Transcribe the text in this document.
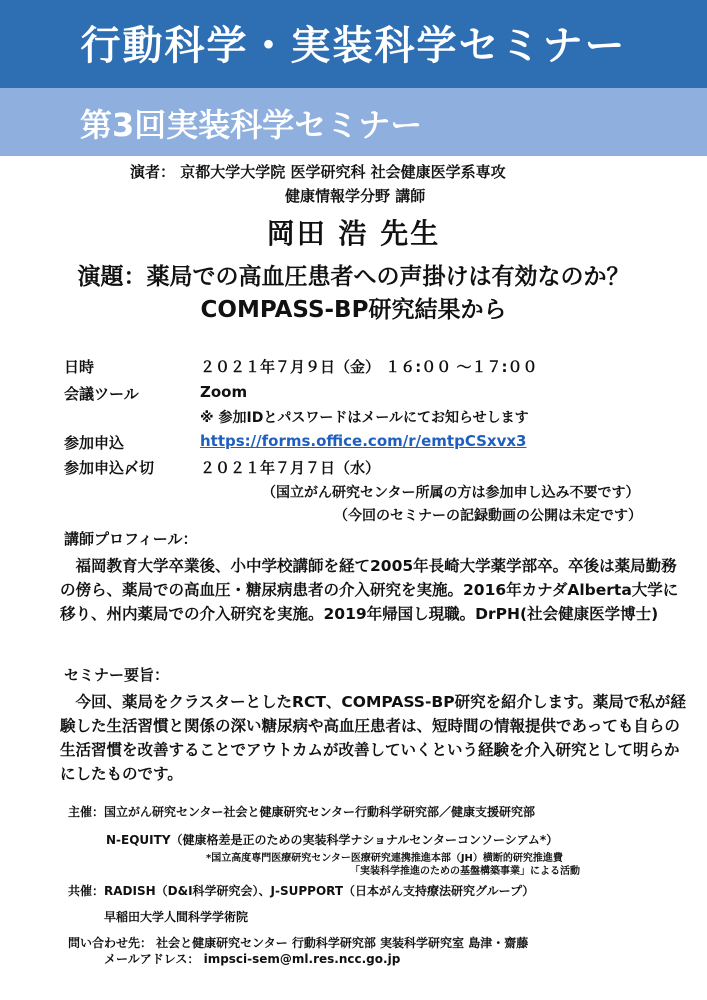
行動科学・実装科学セミナー
第3回実装科学セミナー
演者： 京都大学大学院 医学研究科 社会健康医学系専攻
健康情報学分野 講師
岡田 浩 先生
演題：薬局での高血圧患者への声掛けは有効なのか？
COMPASS-BP研究結果から
日時	２０２１年７月９日（金） １６:００ ～１７:００
会議ツール	Zoom
※ 参加IDとパスワードはメールにてお知らせします
参加申込	https://forms.office.com/r/emtpCSxvx3
参加申込〆切	２０２１年７月７日（水）
（国立がん研究センター所属の方は参加申し込み不要です）
（今回のセミナーの記録動画の公開は未定です）
講師プロフィール：
福岡教育大学卒業後、小中学校講師を経て2005年長崎大学薬学部卒。卒後は薬局勤務の傍ら、薬局での高血圧・糖尿病患者の介入研究を実施。2016年カナダAlberta大学に移り、州内薬局での介入研究を実施。2019年帰国し現職。DrPH(社会健康医学博士)
セミナー要旨：
今回、薬局をクラスターとしたRCT、COMPASS-BP研究を紹介します。薬局で私が経験した生活習慣と関係の深い糖尿病や高血圧患者は、短時間の情報提供であっても自らの生活習慣を改善することでアウトカムが改善していくという経験を介入研究として明らかにしたものです。
主催：国立がん研究センター社会と健康研究センター行動科学研究部／健康支援研究部
N-EQUITY（健康格差是正のための実装科学ナショナルセンターコンソーシアム*）
*国立高度専門医療研究センター医療研究連携推進本部（JH）横断的研究推進費
「実装科学推進のための基盤構築事業」による活動
共催：RADISH（D&I科学研究会）、J-SUPPORT（日本がん支持療法研究グループ）
早稲田大学人間科学学術院
問い合わせ先： 社会と健康研究センター 行動科学研究部 実装科学研究室 島津・齋藤
メールアドレス： impsci-sem@ml.res.ncc.go.jp
